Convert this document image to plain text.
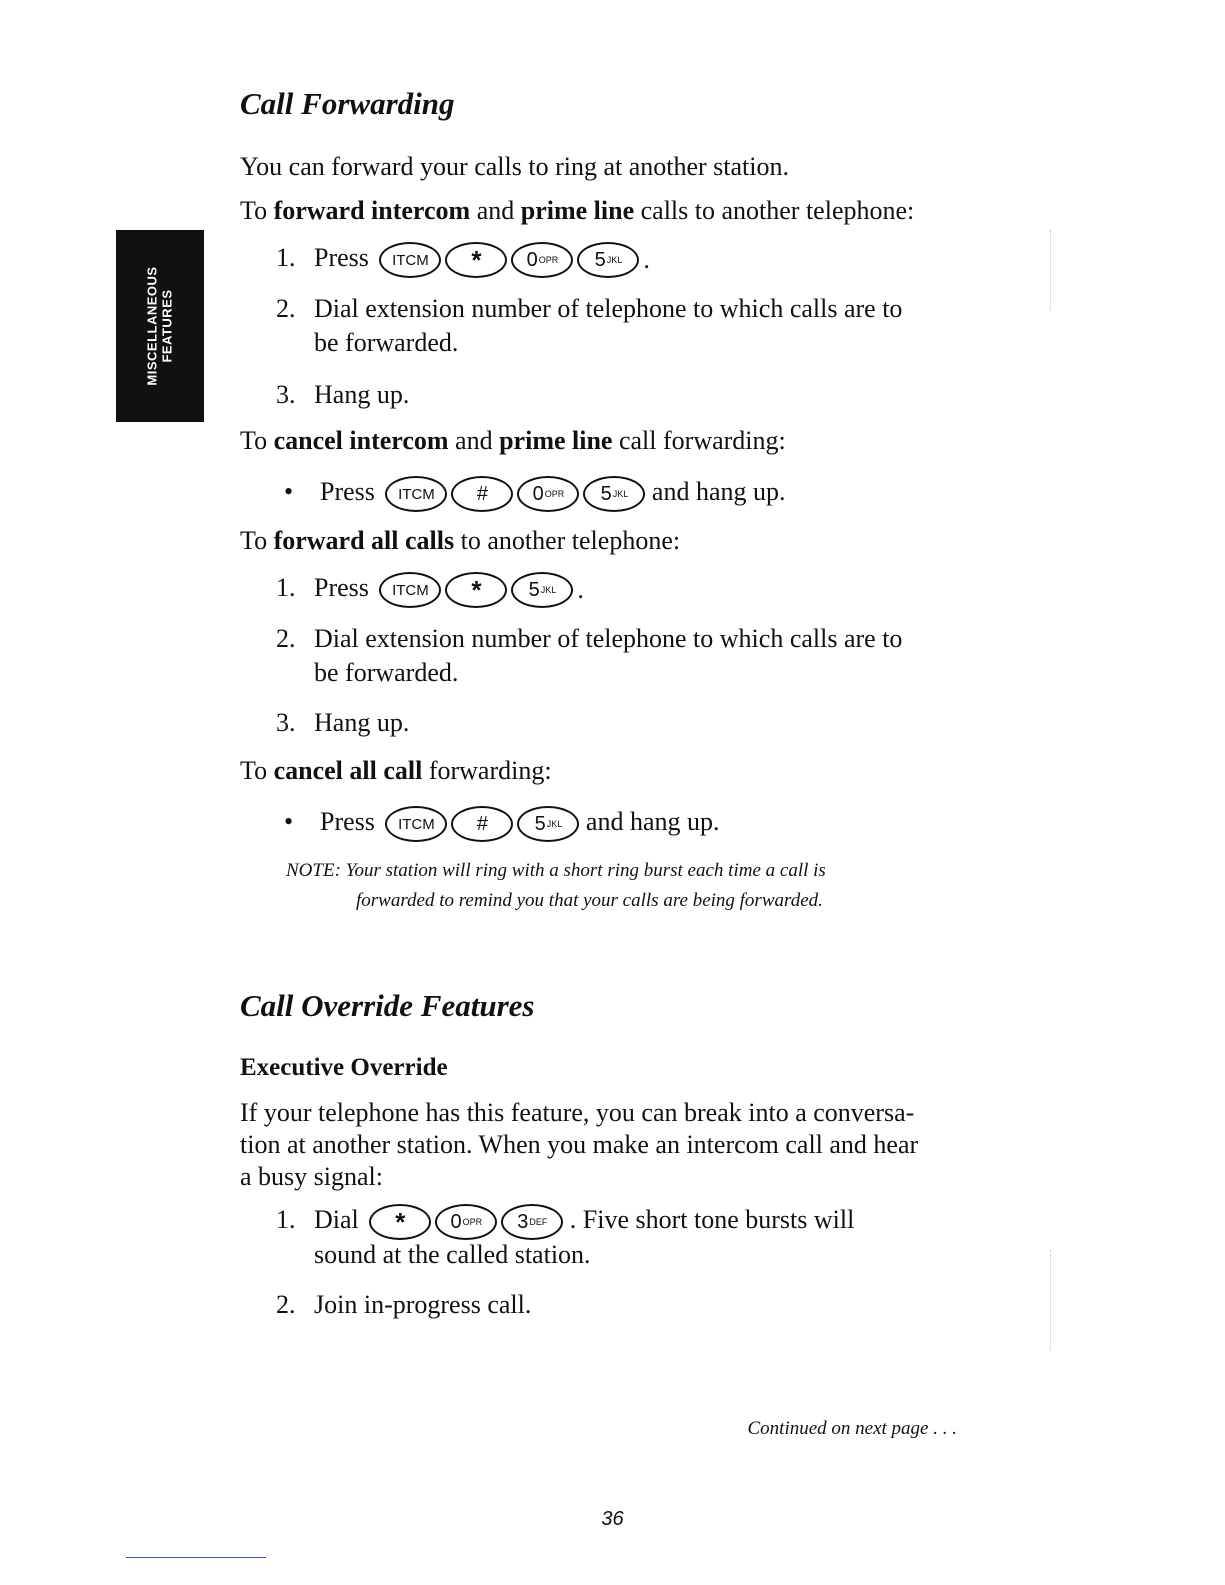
MISCELLANEOUS FEATURES
Call Forwarding
You can forward your calls to ring at another station.
To forward intercom and prime line calls to another telephone:
1. Press	ITCM	* 0 OPR 5 JKL .
2. Dial extension number of telephone to which calls are to
be forwarded.
3. Hang up.
To cancel intercom and prime line call forwarding:
• Press	ITCM	# 0 OPR 5 JKL and hang up.
To forward all calls to another telephone:
1. Press	ITCM	* 5 JKL .
2. Dial extension number of telephone to which calls are to
be forwarded.
3. Hang up.
To cancel all call forwarding:
• Press	ITCM	# 5 JKL and hang up.
NOTE: Your station will ring with a short ring burst each time a call is
forwarded to remind you that your calls are being forwarded.
Call Override Features
Executive Override
If your telephone has this feature, you can break into a conversa-
tion at another station. When you make an intercom call and hear
a busy signal:
1. Dial * 0 OPR 3 DEF . Five short tone bursts will
sound at the called station.
2. Join in-progress call.
Continued on next page . . .
36
